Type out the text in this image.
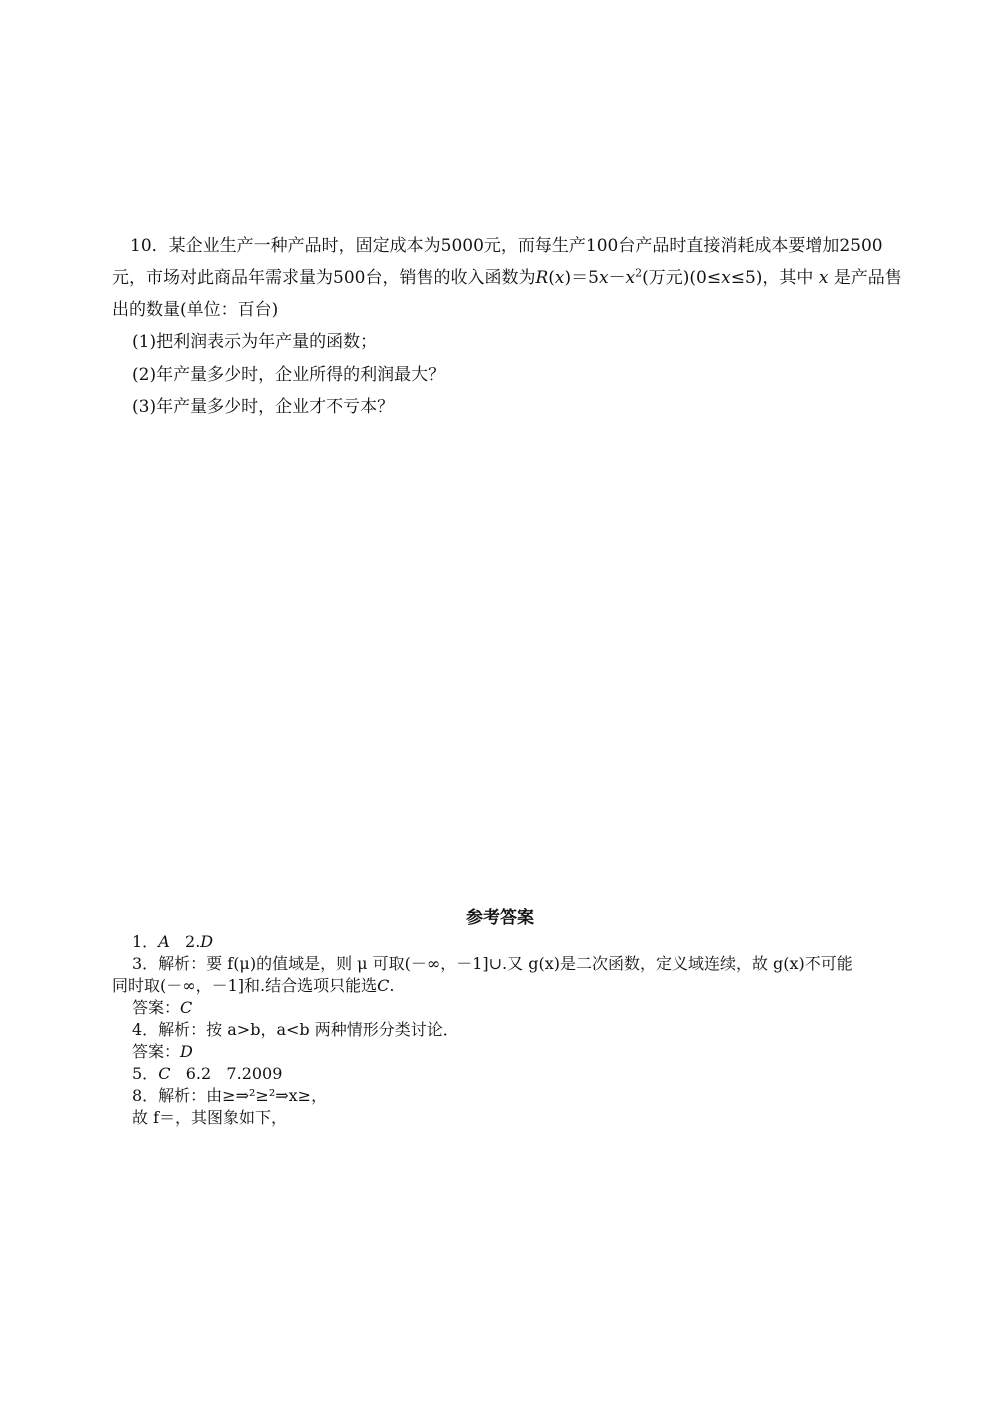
10．某企业生产一种产品时，固定成本为5000元，而每生产100台产品时直接消耗成本要增加2500
元，市场对此商品年需求量为500台，销售的收入函数为$R(x)=5x-x^2$(万元)(0≤x≤5)，其中 x 是产品售
出的数量(单位：百台)
(1)把利润表示为年产量的函数；
(2)年产量多少时，企业所得的利润最大？
(3)年产量多少时，企业才不亏本？
参考答案
1．A 2.D
3．解析：要 f(μ)的值域是，则 μ 可取(－∞，－1]∪.又 g(x)是二次函数，定义域连续，故 g(x)不可能
同时取(－∞，－1]和.结合选项只能选C.
答案：C
4．解析：按 a>b，a<b 两种情形分类讨论．
答案：D
5．C 6.2 7.2009
8．解析：由≥⇒²≥²⇒x≥，
故 f＝，其图象如下，
